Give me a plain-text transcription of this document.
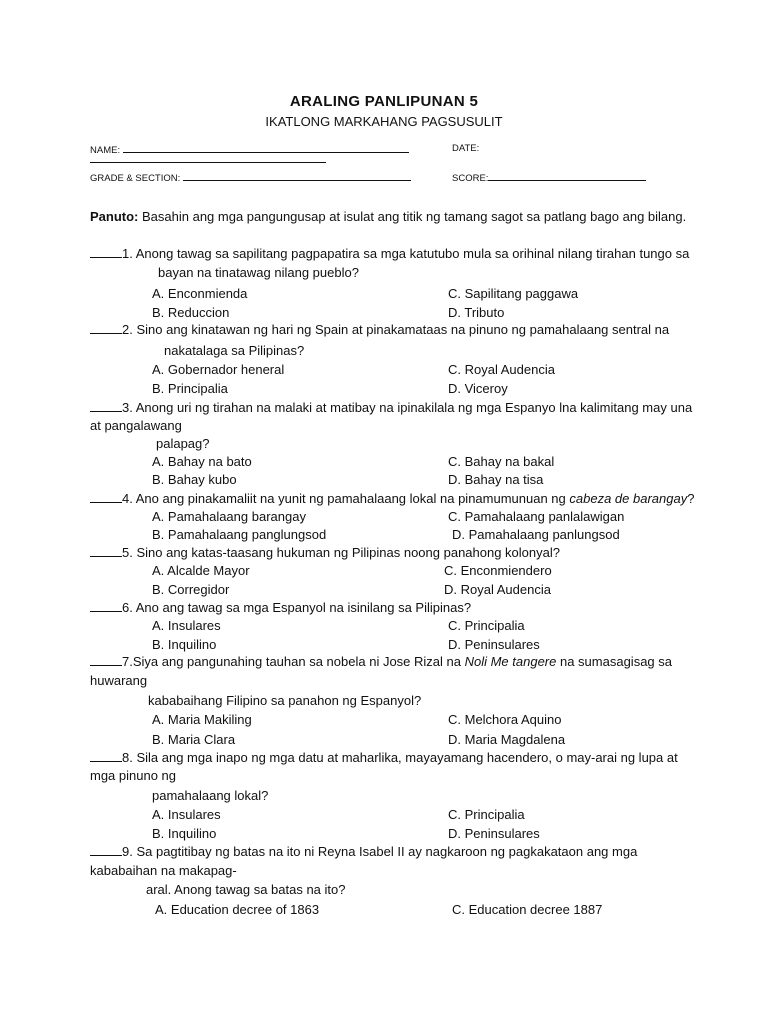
ARALING PANLIPUNAN 5
IKATLONG MARKAHANG PAGSUSULIT
NAME:	DATE:
GRADE & SECTION:	SCORE:
Panuto: Basahin ang mga pangungusap at isulat ang titik ng tamang sagot sa patlang bago ang bilang.
1. Anong tawag sa sapilitang pagpapatira sa mga katutubo mula sa orihinal nilang tirahan tungo sa
bayan na tinatawag nilang pueblo?
A. Enconmienda	C. Sapilitang paggawa
B. Reduccion	D. Tributo
2. Sino ang kinatawan ng hari ng Spain at pinakamataas na pinuno ng pamahalaang sentral na
nakatalaga sa Pilipinas?
A. Gobernador heneral	C. Royal Audencia
B. Principalia	D. Viceroy
3. Anong uri ng tirahan na malaki at matibay na ipinakilala ng mga Espanyo lna kalimitang may una
at pangalawang
palapag?
A. Bahay na bato	C. Bahay na bakal
B. Bahay kubo	D. Bahay na tisa
4. Ano ang pinakamaliit na yunit ng pamahalaang lokal na pinamumunuan ng cabeza de barangay?
A. Pamahalaang barangay	C. Pamahalaang panlalawigan
B. Pamahalaang panglungsod	D. Pamahalaang panlungsod
5. Sino ang katas-taasang hukuman ng Pilipinas noong panahong kolonyal?
A. Alcalde Mayor	C. Enconmiendero
B. Corregidor	D. Royal Audencia
6. Ano ang tawag sa mga Espanyol na isinilang sa Pilipinas?
A. Insulares	C. Principalia
B. Inquilino	D. Peninsulares
7.Siya ang pangunahing tauhan sa nobela ni Jose Rizal na Noli Me tangere na sumasagisag sa
huwarang
kababaihang Filipino sa panahon ng Espanyol?
A. Maria Makiling	C. Melchora Aquino
B. Maria Clara	D. Maria Magdalena
8. Sila ang mga inapo ng mga datu at maharlika, mayayamang hacendero, o may-arai ng lupa at
mga pinuno ng
pamahalaang lokal?
A. Insulares	C. Principalia
B. Inquilino	D. Peninsulares
9. Sa pagtitibay ng batas na ito ni Reyna Isabel II ay nagkaroon ng pagkakataon ang mga
kababaihan na makapag-
aral. Anong tawag sa batas na ito?
A. Education decree of 1863	C. Education decree 1887
